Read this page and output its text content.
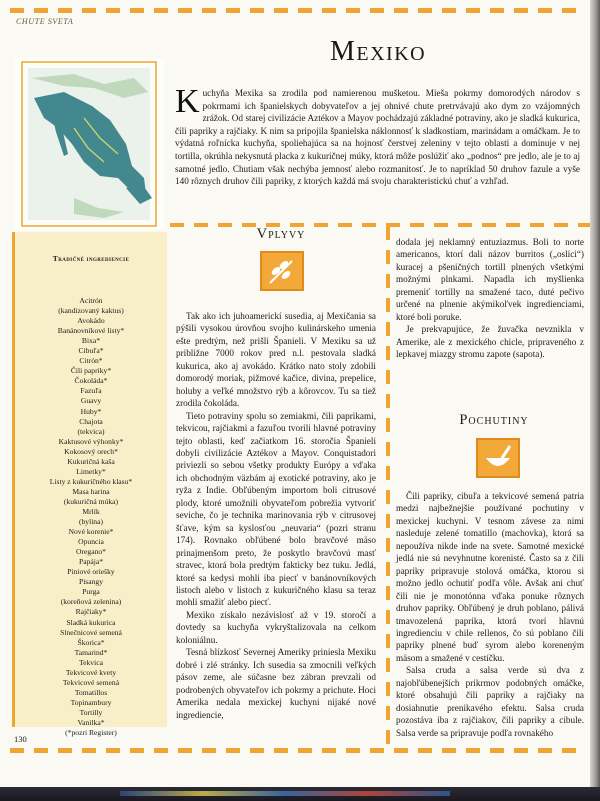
CHUTE SVETA
Mexiko
K uchyňa Mexika sa zrodila pod namierenou mušketou. Mieša pokrmy domorodých národov s pokrmami ich španielskych dobyvateľov a jej ohnivé chute pretrvávajú ako dym zo vzájomných zrážok. Od starej civilizácie Aztékov a Mayov pochádzajú základné potraviny, ako je sladká kukurica, čili papriky a rajčiaky. K nim sa pripojila španielska náklonnosť k sladkostiam, marinádam a omáčkam. Je to výdatná roľnícka kuchyňa, spoliehajúca sa na hojnosť čerstvej zeleniny v tejto oblasti a dominuje v nej tortilla, okrúhla nekysnutá placka z kukuričnej múky, ktorá môže poslúžiť ako „podnos“ pre jedlo, ale je to aj samotné jedlo. Chutiam však nechýba jemnosť alebo rozmanitosť. Je to napríklad 50 druhov fazule a vyše 140 rôznych druhov čili papriky, z ktorých každá má svoju charakteristickú chuť a vzhľad.
Tradičné ingrediencie
Acitrón
(kandizovaný kaktus)
Avokádo
Banánovníkové listy*
Bixa*
Cibuľa*
Citrón*
Čili papriky*
Čokoláda*
Fazuľa
Guavy
Huby*
Chajota
(tekvica)
Kaktusové výhonky*
Kokosový orech*
Kukuričná kaša
Limetky*
Listy z kukuričného klasu*
Masa harina
(kukuričná múka)
Mrlík
(bylina)
Nové korenie*
Opuncia
Oregano*
Papája*
Piniové oriešky
Pisangy
Purga
(koreňová zelenina)
Rajčiaky*
Sladká kukurica
Slnečnicové semená
Škorica*
Tamarind*
Tekvica
Tekvicové kvety
Tekvicové semená
Tomatillos
Topinambury
Tortilly
Vanilka*
(*pozri Register)
Vplyvy

Tak ako ich juhoamerickí susedia, aj Mexičania sa pýšili vysokou úrovňou svojho kulinárskeho umenia ešte predtým, než prišli Španieli. V Mexiku sa už približne 7000 rokov pred n.l. pestovala sladká kukurica, ako aj avokádo. Krátko nato stoly zdobili domorodý moriak, pižmové kačice, divina, prepelice, holuby a veľké množstvo rýb a kôrovcov. Tu sa tiež zrodila čokoláda.

Tieto potraviny spolu so zemiakmi, čili paprikami, tekvicou, rajčiakmi a fazuľou tvorili hlavné potraviny tejto oblasti, keď začiatkom 16. storočia Španieli dobyli civilizácie Aztékov a Mayov. Conquistadori priviezli so sebou všetky produkty Európy a vďaka ich obchodným väzbám aj exotické potraviny, ako je ryža z Indie. Obľúbeným importom boli citrusové plody, ktoré umožnili obyvateľom pobrežia vytvoriť seviche, čo je technika marinovania rýb v citrusovej šťave, kým sa kyslosťou „neuvaria“ (pozri stranu 174). Rovnako obľúbené bolo bravčové mäso prinajmenšom preto, že poskytlo bravčovú masť stravec, ktorá bola predtým fakticky bez tuku. Jedlá, ktoré sa kedysi mohli iba piecť v banánovníkových listoch alebo v listoch z kukuričného klasu sa teraz mohli smažiť alebo piecť.

Mexiko získalo nezávislosť až v 19. storočí a dovtedy sa kuchyňa vykryštalizovala na celkom koloniálnu.

Tesná blízkosť Severnej Ameriky priniesla Mexiku dobré i zlé stránky. Ich susedia sa zmocnili veľkých pásov zeme, ale súčasne bez zábran prevzali od podrobených obyvateľov ich pokrmy a prichute. Hoci Amerika nedala mexickej kuchyni nijaké nové ingrediencie,

dodala jej neklamný entuziazmus. Boli to norte americanos, ktorí dali názov burritos („oslíci“) kuracej a pšeničných tortill plnených všetkými možnými plnkami. Napadla ich myšlienka premeniť tortilly na smažené taco, duté pečivo určené na plnenie akýmikoľvek ingredienciami, ktoré boli poruke.

Je prekvapujúce, že žuvačka nevznikla v Amerike, ale z mexického chicle, pripraveného z lepkavej miazgy stromu zapote (sapota).

Pochutiny

Čili papriky, cibuľa a tekvicové semená patria medzi najbežnejšie používané pochutiny v mexickej kuchyni. V tesnom závese za nimi nasleduje zelené tomatillo (machovka), ktorá sa nepoužíva nikde inde na svete. Samotné mexické jedlá nie sú nevyhnutne korenisté. Často sa z čili papriky pripravuje stolová omáčka, ktorou si možno jedlo ochutiť podľa vôle. Avšak ani chuť čili nie je monotónna vďaka ponuke rôznych druhov papriky. Obľúbený je druh poblano, pálivá tmavozelená paprika, ktorá tvorí hlavnú ingredienciu v chile rellenos, čo sú poblano čili papriky plnené buď syrom alebo koreneným mäsom a smažené v cestíčku.

Salsa cruda a salsa verde sú dva z najobľúbenejších prikrmov podobných omáčke, ktoré obsahujú čili papriky a rajčiaky na dosiahnutie prenikavého efektu. Salsa cruda pozostáva iba z rajčiakov, čili papriky a cibule. Salsa verde sa pripravuje podľa rovnakého

130
